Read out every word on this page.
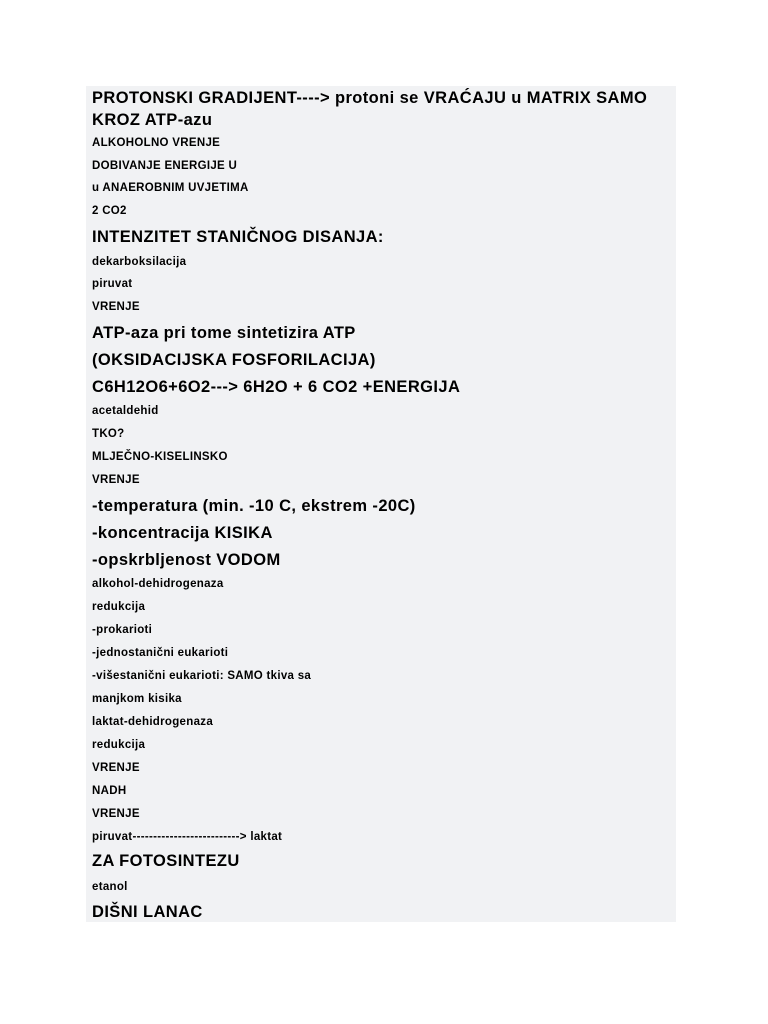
PROTONSKI GRADIJENT----> protoni se VRAĆAJU u MATRIX SAMO KROZ ATP-azu
ALKOHOLNO VRENJE
DOBIVANJE ENERGIJE U
u ANAEROBNIM UVJETIMA
2 CO2
INTENZITET STANIČNOG DISANJA:
dekarboksilacija
piruvat
VRENJE
ATP-aza pri tome sintetizira ATP
(OKSIDACIJSKA FOSFORILACIJA)
C6H12O6+6O2---> 6H2O + 6 CO2 +ENERGIJA
acetaldehid
TKO?
MLJEČNO-KISELINSKO
VRENJE
-temperatura (min. -10 C, ekstrem -20C)
-koncentracija KISIKA
-opskrbljenost VODOM
alkohol-dehidrogenaza
redukcija
-prokarioti
-jednostanični eukarioti
-višestanični eukarioti: SAMO tkiva sa
manjkom kisika
laktat-dehidrogenaza
redukcija
VRENJE
NADH
VRENJE
piruvat--------------------------> laktat
ZA FOTOSINTEZU
etanol
DIŠNI LANAC
